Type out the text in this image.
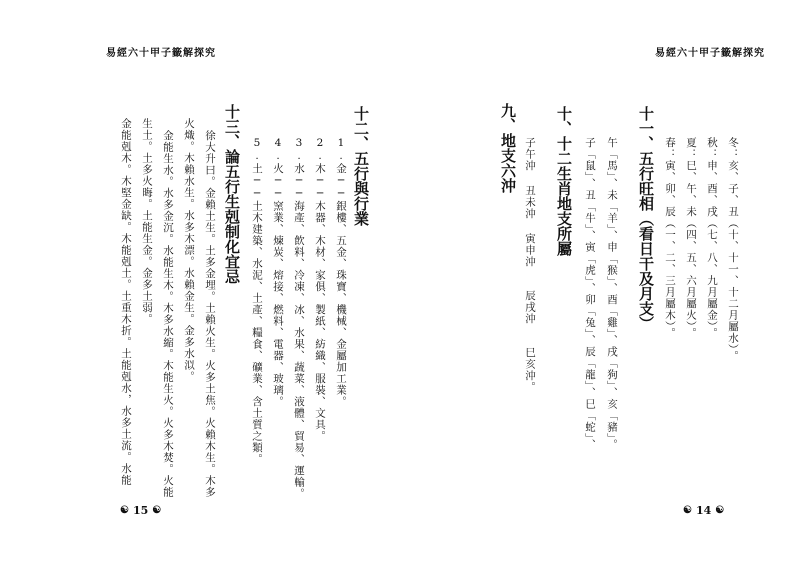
易經六十甲子籤解探究
九、地支六沖 子午沖
丑未沖
寅申沖
辰戌沖
巳亥沖。
十、十二生肖地支所屬 子「鼠」、丑「牛」、寅「虎」、卯「兔」、辰「龍」、巳「蛇」、 午「馬」、未「羊」、申「猴」、酉「雞」、戌「狗」、亥「豬」。 十一、五行旺相（看日干及月支） 春：寅、卯、辰（一、二、三月屬木）。 夏：巳、午、未（四、五、六月屬火）。 秋：申、酉、戌（七、八、九月屬金）。 冬：亥、子、丑（十、十一、十二月屬水）。
☯ 14 ☯
易經六十甲子籤解探究
十二、五行與行業
1.金──銀樓、五金、珠寶、機械、金屬加工業。
2.木──木器、木材、家俱、製紙、紡織、服裝、文具。
3.水──海產、飲料、冷凍、冰、水果、蔬菜、液體、貿易、運輸。
4.火──窯業、煉炭、熔接、燃料、電器、玻璃。
5.土──土木建築、水泥、土產、糧食、礦業、含土質之類。
十三、論五行生剋制化宜忌
徐大升曰。金賴土生。土多金埋。土賴火生。火多土焦。火賴木生。木多
火熾。木賴水生。水多木漂。水賴金生。金多水泤。
金能生水。水多金沉。水能生木。木多水縮。木能生火。火多木焚。火能
生土。土多火晦。土能生金。金多土弱。
金能剋木。木堅金缺。木能剋土。土重木折。土能剋水，水多土流。水能
☯ 15 ☯
